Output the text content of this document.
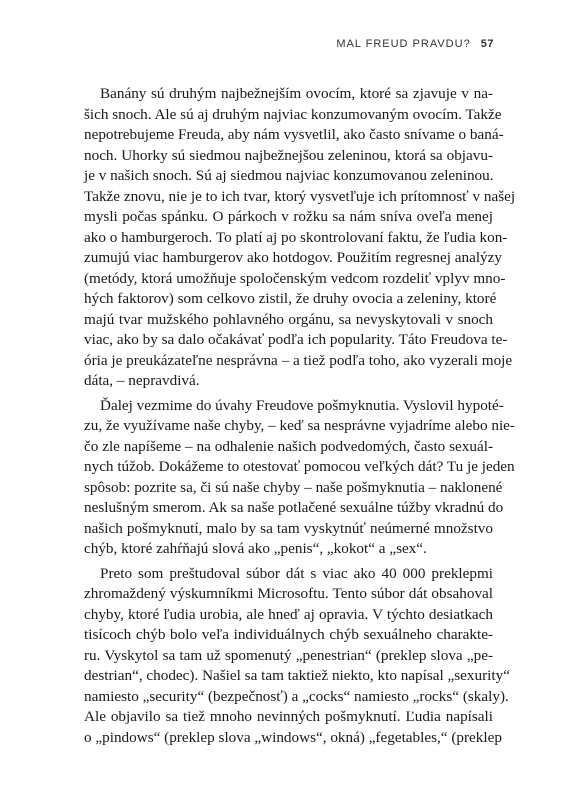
MAL FREUD PRAVDU? 57

Banány sú druhým najbežnejším ovocím, ktoré sa zjavuje v na-
šich snoch. Ale sú aj druhým najviac konzumovaným ovocím. Takže
nepotrebujeme Freuda, aby nám vysvetlil, ako často snívame o baná-
noch. Uhorky sú siedmou najbežnejšou zeleninou, ktorá sa objavu-
je v našich snoch. Sú aj siedmou najviac konzumovanou zeleninou.
Takže znovu, nie je to ich tvar, ktorý vysvetľuje ich prítomnosť v našej
mysli počas spánku. O párkoch v rožku sa nám sníva oveľa menej
ako o hamburgeroch. To platí aj po skontrolovaní faktu, že ľudia kon-
zumujú viac hamburgerov ako hotdogov. Použitím regresnej analýzy
(metódy, ktorá umožňuje spoločenským vedcom rozdeliť vplyv mno-
hých faktorov) som celkovo zistil, že druhy ovocia a zeleniny, ktoré
majú tvar mužského pohlavného orgánu, sa nevyskytovali v snoch
viac, ako by sa dalo očakávať podľa ich popularity. Táto Freudova te-
ória je preukázateľne nesprávna – a tiež podľa toho, ako vyzerali moje
dáta, – nepravdivá.

Ďalej vezmime do úvahy Freudove pošmyknutia. Vyslovil hypoté-
zu, že využívame naše chyby, – keď sa nesprávne vyjadríme alebo nie-
čo zle napíšeme – na odhalenie našich podvedomých, často sexuál-
nych túžob. Dokážeme to otestovať pomocou veľkých dát? Tu je jeden
spôsob: pozrite sa, či sú naše chyby – naše pošmyknutia – naklonené
neslušným smerom. Ak sa naše potlačené sexuálne túžby vkradnú do
našich pošmyknutí, malo by sa tam vyskytnúť neúmerné množstvo
chýb, ktoré zahŕňajú slová ako „penis“, „kokot“ a „sex“.

Preto som preštudoval súbor dát s viac ako 40 000 preklepmi
zhromaždený výskumníkmi Microsoftu. Tento súbor dát obsahoval
chyby, ktoré ľudia urobia, ale hneď aj opravia. V týchto desiatkach
tisícoch chýb bolo veľa individuálnych chýb sexuálneho charakte-
ru. Vyskytol sa tam už spomenutý „penestrian“ (preklep slova „pe-
destrian“, chodec). Našiel sa tam taktiež niekto, kto napísal „sexurity“
namiesto „security“ (bezpečnosť) a „cocks“ namiesto „rocks“ (skaly).
Ale objavilo sa tiež mnoho nevinných pošmyknutí. Ľudia napísali
o „pindows“ (preklep slova „windows“, okná) „fegetables,“ (preklep
